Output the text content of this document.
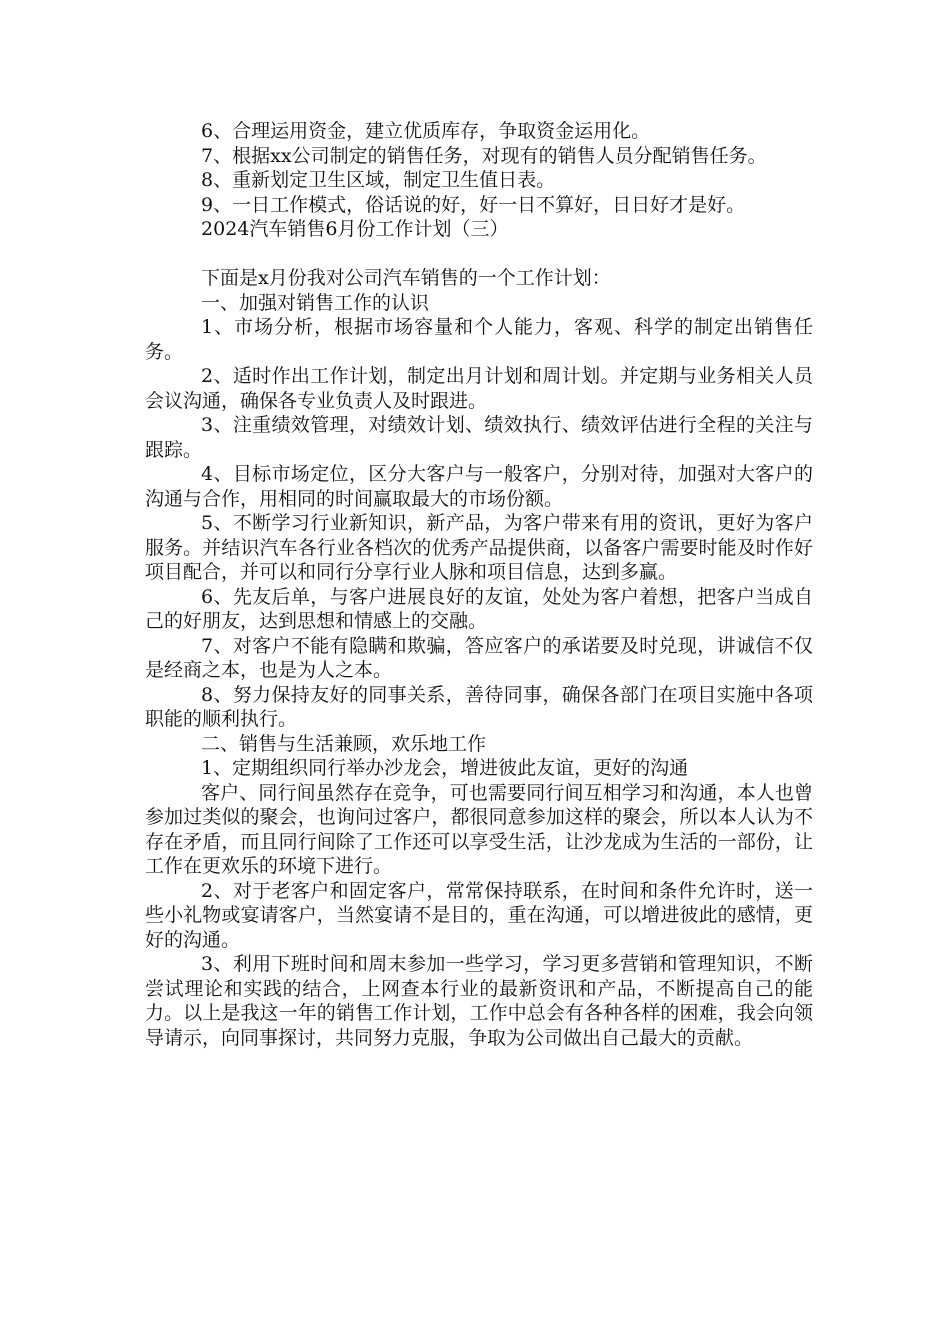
6、合理运用资金，建立优质库存，争取资金运用化。

7、根据xx公司制定的销售任务，对现有的销售人员分配销售任务。

8、重新划定卫生区域，制定卫生值日表。

9、一日工作模式，俗话说的好，好一日不算好，日日好才是好。

2024汽车销售6月份工作计划（三）

下面是x月份我对公司汽车销售的一个工作计划：

一、加强对销售工作的认识

1、市场分析，根据市场容量和个人能力，客观、科学的制定出销售任务。

2、适时作出工作计划，制定出月计划和周计划。并定期与业务相关人员会议沟通，确保各专业负责人及时跟进。

3、注重绩效管理，对绩效计划、绩效执行、绩效评估进行全程的关注与跟踪。

4、目标市场定位，区分大客户与一般客户，分别对待，加强对大客户的沟通与合作，用相同的时间赢取最大的市场份额。

5、不断学习行业新知识，新产品，为客户带来有用的资讯，更好为客户服务。并结识汽车各行业各档次的优秀产品提供商，以备客户需要时能及时作好项目配合，并可以和同行分享行业人脉和项目信息，达到多赢。

6、先友后单，与客户进展良好的友谊，处处为客户着想，把客户当成自己的好朋友，达到思想和情感上的交融。

7、对客户不能有隐瞒和欺骗，答应客户的承诺要及时兑现，讲诚信不仅是经商之本，也是为人之本。

8、努力保持友好的同事关系，善待同事，确保各部门在项目实施中各项职能的顺利执行。

二、销售与生活兼顾，欢乐地工作

1、定期组织同行举办沙龙会，增进彼此友谊，更好的沟通

客户、同行间虽然存在竞争，可也需要同行间互相学习和沟通，本人也曾参加过类似的聚会，也询问过客户，都很同意参加这样的聚会，所以本人认为不存在矛盾，而且同行间除了工作还可以享受生活，让沙龙成为生活的一部份，让工作在更欢乐的环境下进行。

2、对于老客户和固定客户，常常保持联系，在时间和条件允许时，送一些小礼物或宴请客户，当然宴请不是目的，重在沟通，可以增进彼此的感情，更好的沟通。

3、利用下班时间和周末参加一些学习，学习更多营销和管理知识，不断尝试理论和实践的结合，上网查本行业的最新资讯和产品，不断提高自己的能力。以上是我这一年的销售工作计划，工作中总会有各种各样的困难，我会向领导请示，向同事探讨，共同努力克服，争取为公司做出自己最大的贡献。
